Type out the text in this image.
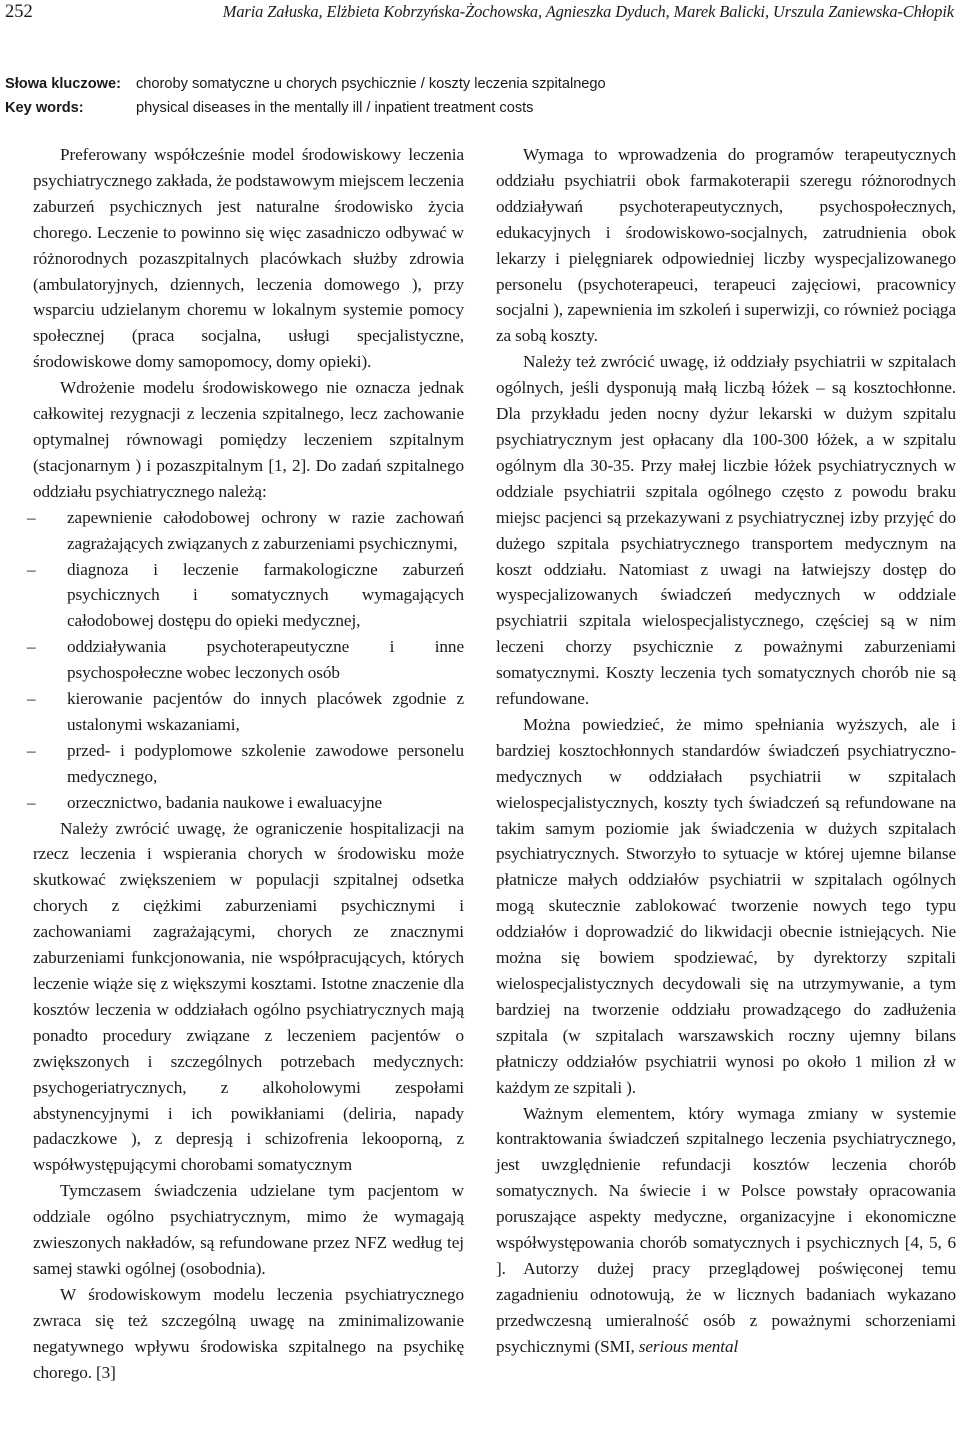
252	Maria Załuska, Elżbieta Kobrzyńska-Żochowska, Agnieszka Dyduch, Marek Balicki, Urszula Zaniewska-Chłopik
Słowa kluczowe: choroby somatyczne u chorych psychicznie / koszty leczenia szpitalnego
Key words:	physical diseases in the mentally ill / inpatient treatment costs

Preferowany współcześnie model środowiskowy leczenia psychiatrycznego zakłada, że podstawowym miejscem leczenia zaburzeń psychicznych jest naturalne środowisko życia chorego. Leczenie to powinno się więc zasadniczo odbywać w różnorodnych pozaszpitalnych placówkach służby zdrowia (ambulatoryjnych, dziennych, leczenia domowego ), przy wsparciu udzielanym choremu w lokalnym systemie pomocy społecznej (praca socjalna, usługi specjalistyczne, środowiskowe domy samopomocy, domy opieki).

Wdrożenie modelu środowiskowego nie oznacza jednak całkowitej rezygnacji z leczenia szpitalnego, lecz zachowanie optymalnej równowagi pomiędzy leczeniem szpitalnym (stacjonarnym ) i pozaszpitalnym [1, 2]. Do zadań szpitalnego oddziału psychiatrycznego należą:

– zapewnienie całodobowej ochrony w razie zachowań zagrażających związanych z zaburzeniami psychicznymi,
– diagnoza i leczenie farmakologiczne zaburzeń psychicznych i somatycznych wymagających całodobowej dostępu do opieki medycznej,
– oddziaływania psychoterapeutyczne i inne psychospołeczne wobec leczonych osób
– kierowanie pacjentów do innych placówek zgodnie z ustalonymi wskazaniami,
– przed- i podyplomowe szkolenie zawodowe personelu medycznego,
– orzecznictwo, badania naukowe i ewaluacyjne

Należy zwrócić uwagę, że ograniczenie hospitalizacji na rzecz leczenia i wspierania chorych w środowisku może skutkować zwiększeniem w populacji szpitalnej odsetka chorych z ciężkimi zaburzeniami psychicznymi i zachowaniami zagrażającymi, chorych ze znacznymi zaburzeniami funkcjonowania, nie współpracujących, których leczenie wiąże się z większymi kosztami. Istotne znaczenie dla kosztów leczenia w oddziałach ogólno psychiatrycznych mają ponadto procedury związane z leczeniem pacjentów o zwiększonych i szczególnych potrzebach medycznych: psychogeriatrycznych, z alkoholowymi zespołami abstynencyjnymi i ich powikłaniami (deliria, napady padaczkowe ), z depresją i schizofrenia lekooporną, z współwystępującymi chorobami somatycznym

Tymczasem świadczenia udzielane tym pacjentom w oddziale ogólno psychiatrycznym, mimo że wymagają zwieszonych nakładów, są refundowane przez NFZ według tej samej stawki ogólnej (osobodnia).

W środowiskowym modelu leczenia psychiatrycznego zwraca się też szczególną uwagę na zminimalizowanie negatywnego wpływu środowiska szpitalnego na psychikę chorego. [3]

Wymaga to wprowadzenia do programów terapeutycznych oddziału psychiatrii obok farmakoterapii szeregu różnorodnych oddziaływań psychoterapeutycznych, psychospołecznych, edukacyjnych i środowiskowo-socjalnych, zatrudnienia obok lekarzy i pielęgniarek odpowiedniej liczby wyspecjalizowanego personelu (psychoterapeuci, terapeuci zajęciowi, pracownicy socjalni ), zapewnienia im szkoleń i superwizji, co również pociąga za sobą koszty.

Należy też zwrócić uwagę, iż oddziały psychiatrii w szpitalach ogólnych, jeśli dysponują małą liczbą łóżek – są kosztochłonne. Dla przykładu jeden nocny dyżur lekarski w dużym szpitalu psychiatrycznym jest opłacany dla 100-300 łóżek, a w szpitalu ogólnym dla 30-35. Przy małej liczbie łóżek psychiatrycznych w oddziale psychiatrii szpitala ogólnego często z powodu braku miejsc pacjenci są przekazywani z psychiatrycznej izby przyjęć do dużego szpitala psychiatrycznego transportem medycznym na koszt oddziału. Natomiast z uwagi na łatwiejszy dostęp do wyspecjalizowanych świadczeń medycznych w oddziale psychiatrii szpitala wielospecjalistycznego, częściej są w nim leczeni chorzy psychicznie z poważnymi zaburzeniami somatycznymi. Koszty leczenia tych somatycznych chorób nie są refundowane.

Można powiedzieć, że mimo spełniania wyższych, ale i bardziej kosztochłonnych standardów świadczeń psychiatryczno-medycznych w oddziałach psychiatrii w szpitalach wielospecjalistycznych, koszty tych świadczeń są refundowane na takim samym poziomie jak świadczenia w dużych szpitalach psychiatrycznych. Stworzyło to sytuacje w której ujemne bilanse płatnicze małych oddziałów psychiatrii w szpitalach ogólnych mogą skutecznie zablokować tworzenie nowych tego typu oddziałów i doprowadzić do likwidacji obecnie istniejących. Nie można się bowiem spodziewać, by dyrektorzy szpitali wielospecjalistycznych decydowali się na utrzymywanie, a tym bardziej na tworzenie oddziału prowadzącego do zadłużenia szpitala (w szpitalach warszawskich roczny ujemny bilans płatniczy oddziałów psychiatrii wynosi po około 1 milion zł w każdym ze szpitali ).

Ważnym elementem, który wymaga zmiany w systemie kontraktowania świadczeń szpitalnego leczenia psychiatrycznego, jest uwzględnienie refundacji kosztów leczenia chorób somatycznych. Na świecie i w Polsce powstały opracowania poruszające aspekty medyczne, organizacyjne i ekonomiczne współwystępowania chorób somatycznych i psychicznych [4, 5, 6 ]. Autorzy dużej pracy przeglądowej poświęconej temu zagadnieniu odnotowują, że w licznych badaniach wykazano przedwczesną umieralność osób z poważnymi schorzeniami psychicznymi (SMI, serious mental
